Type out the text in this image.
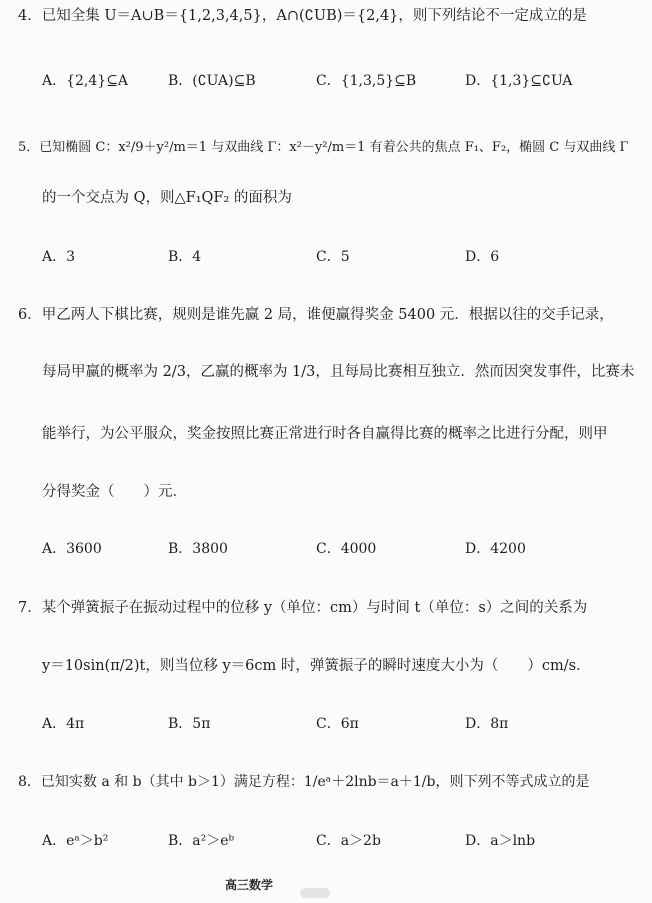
4．已知全集 U＝A∪B＝{1,2,3,4,5}，A∩(∁UB)＝{2,4}，则下列结论不一定成立的是
A．{2,4}⊆A	B．(∁UA)⊆B	C．{1,3,5}⊆B	D．{1,3}⊆∁UA
5．已知椭圆 C：x²/9＋y²/m＝1 与双曲线 Γ：x²－y²/m＝1 有着公共的焦点 F₁、F₂，椭圆 C 与双曲线 Γ
的一个交点为 Q，则△F₁QF₂ 的面积为
A．3	B．4	C．5	D．6
6．甲乙两人下棋比赛，规则是谁先赢 2 局，谁便赢得奖金 5400 元．根据以往的交手记录，
每局甲赢的概率为 2/3，乙赢的概率为 1/3，且每局比赛相互独立．然而因突发事件，比赛未
能举行，为公平服众，奖金按照比赛正常进行时各自赢得比赛的概率之比进行分配，则甲
分得奖金（　　）元．
A．3600	B．3800	C．4000	D．4200
7．某个弹簧振子在振动过程中的位移 y（单位：cm）与时间 t（单位：s）之间的关系为
y＝10sin(π/2)t，则当位移 y＝6cm 时，弹簧振子的瞬时速度大小为（　　）cm/s．
A．4π	B．5π	C．6π	D．8π
8．已知实数 a 和 b（其中 b＞1）满足方程：1/eᵃ＋2lnb＝a＋1/b，则下列不等式成立的是
A．eᵃ＞b²	B．a²＞eᵇ	C．a＞2b	D．a＞lnb
高三数学
